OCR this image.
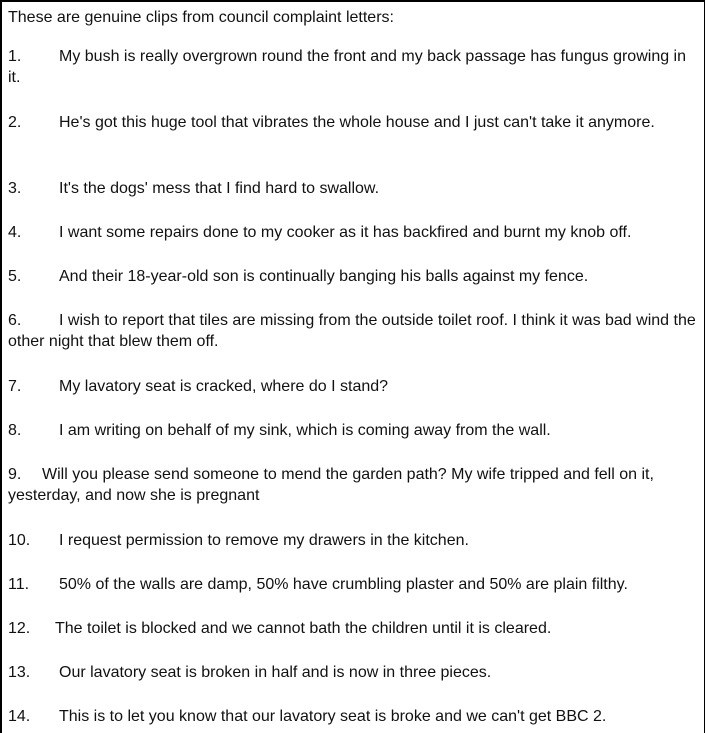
These are genuine clips from council complaint letters:
1. My bush is really overgrown round the front and my back passage has fungus growing in it.
2. He's got this huge tool that vibrates the whole house and I just can't take it anymore.
3. It's the dogs' mess that I find hard to swallow.
4. I want some repairs done to my cooker as it has backfired and burnt my knob off.
5. And their 18-year-old son is continually banging his balls against my fence.
6. I wish to report that tiles are missing from the outside toilet roof. I think it was bad wind the other night that blew them off.
7. My lavatory seat is cracked, where do I stand?
8. I am writing on behalf of my sink, which is coming away from the wall.
9. Will you please send someone to mend the garden path? My wife tripped and fell on it, yesterday, and now she is pregnant
10. I request permission to remove my drawers in the kitchen.
11. 50% of the walls are damp, 50% have crumbling plaster and 50% are plain filthy.
12. The toilet is blocked and we cannot bath the children until it is cleared.
13. Our lavatory seat is broken in half and is now in three pieces.
14. This is to let you know that our lavatory seat is broke and we can't get BBC 2.
